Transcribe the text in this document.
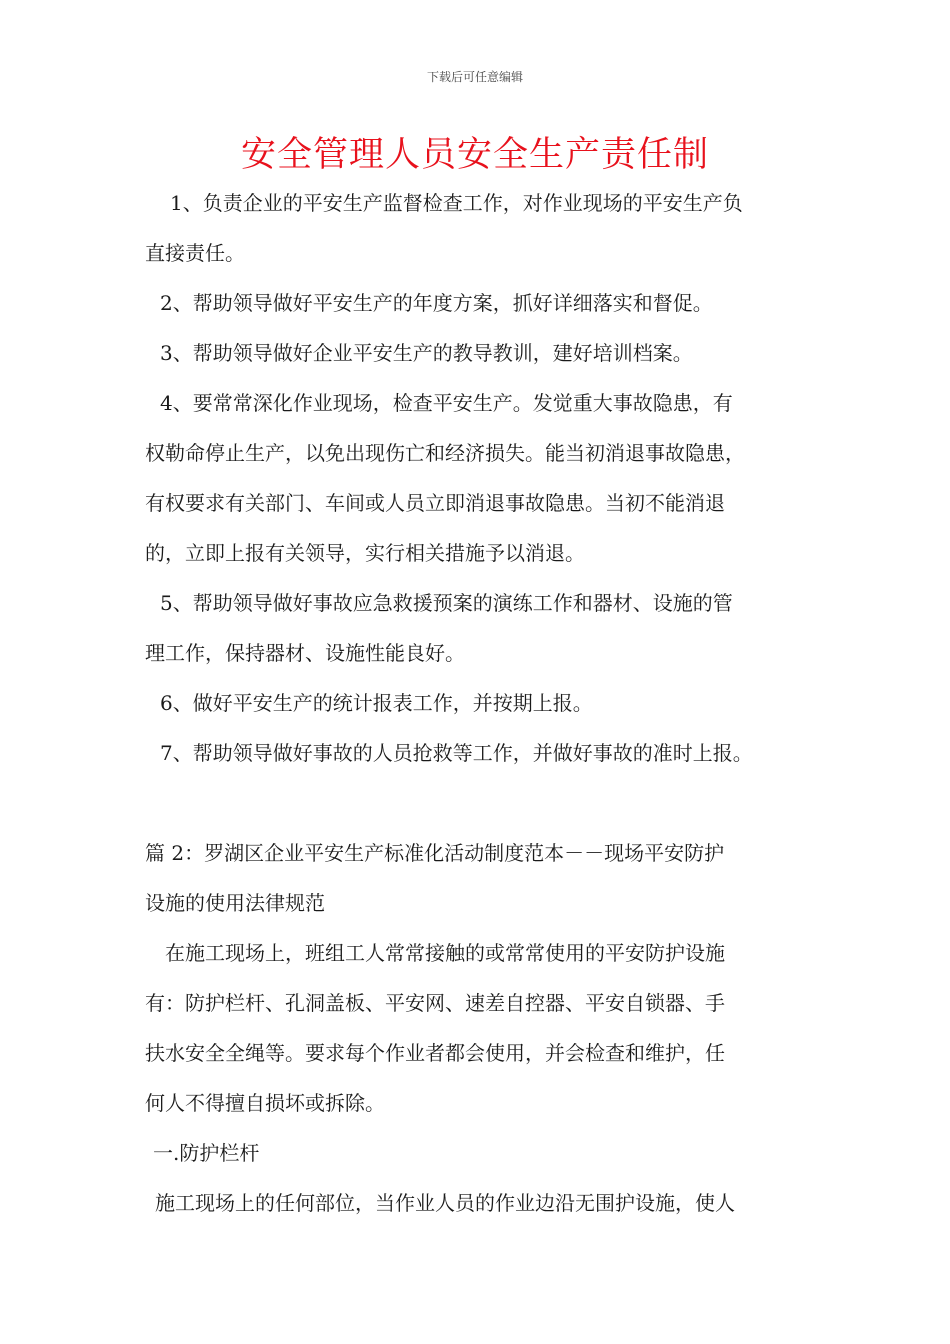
下载后可任意编辑
安全管理人员安全生产责任制

1、负责企业的平安生产监督检查工作，对作业现场的平安生产负

直接责任。

2、帮助领导做好平安生产的年度方案，抓好详细落实和督促。

3、帮助领导做好企业平安生产的教导教训，建好培训档案。

4、要常常深化作业现场，检查平安生产。发觉重大事故隐患，有

权勒命停止生产，以免出现伤亡和经济损失。能当初消退事故隐患，

有权要求有关部门、车间或人员立即消退事故隐患。当初不能消退

的，立即上报有关领导，实行相关措施予以消退。

5、帮助领导做好事故应急救援预案的演练工作和器材、设施的管

理工作，保持器材、设施性能良好。

6、做好平安生产的统计报表工作，并按期上报。

7、帮助领导做好事故的人员抢救等工作，并做好事故的准时上报。

篇 2：罗湖区企业平安生产标准化活动制度范本－－现场平安防护

设施的使用法律规范

在施工现场上，班组工人常常接触的或常常使用的平安防护设施

有：防护栏杆、孔洞盖板、平安网、速差自控器、平安自锁器、手

扶水安全全绳等。要求每个作业者都会使用，并会检查和维护，任

何人不得擅自损坏或拆除。

一.防护栏杆

施工现场上的任何部位，当作业人员的作业边沿无围护设施，使人
